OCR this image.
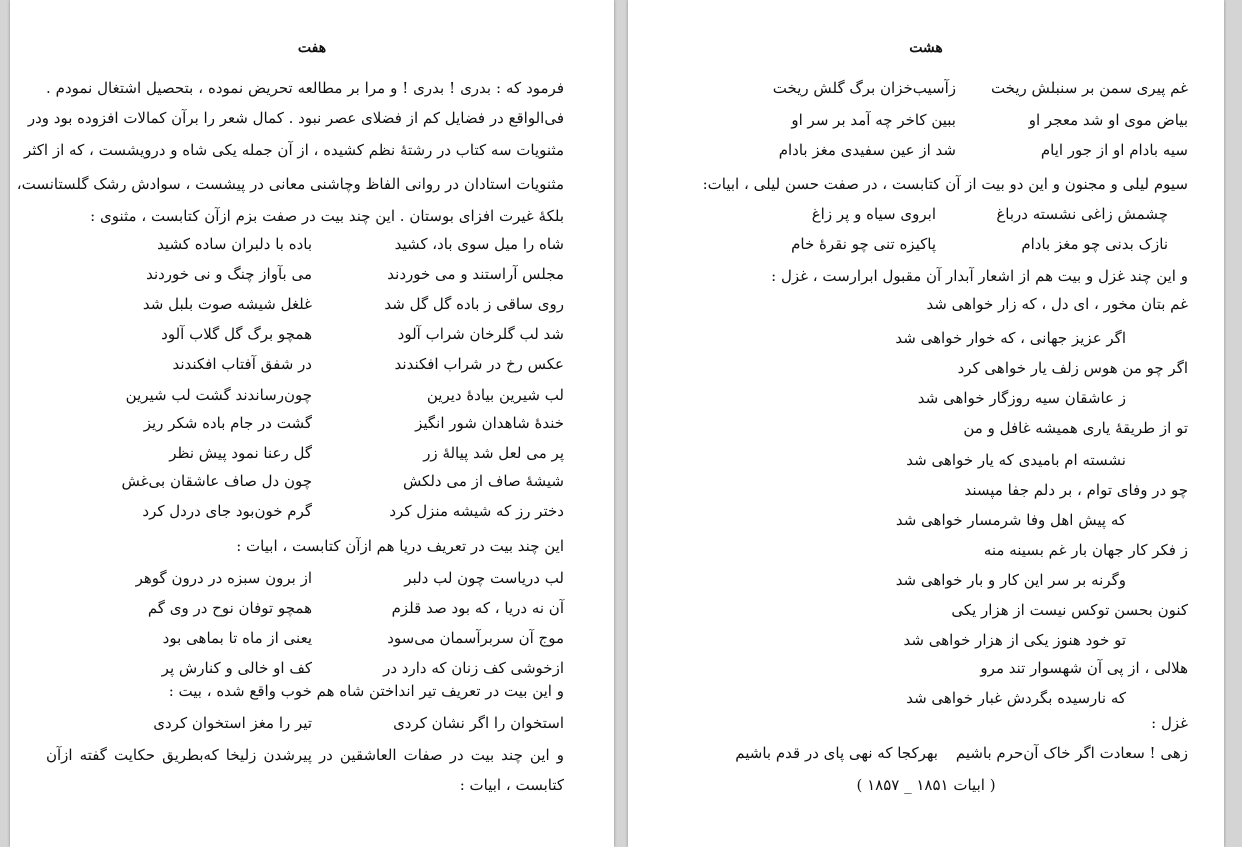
هفت
فرمود که : بدری ! بدری ! و مرا بر مطالعه تحریض نموده ، بتحصیل اشتغال نمودم .
فی‌الواقع در فضایل کم از فضلای عصر نبود . کمال شعر را برآن کمالات افزوده بود ودر
مثنویات سه کتاب در رشتهٔ نظم کشیده ، از آن جمله یکی شاه و درویشست ، که از اکثر
مثنویات استادان در روانی الفاظ وچاشنی معانی در پیشست ، سوادش رشک گلستانست،
بلکهٔ غیرت افزای بوستان . این چند بیت در صفت بزم ازآن کتابست ، مثنوی :
شاه را میل سوی باد، کشید
باده با دلبران ساده کشید
مجلس آراستند و می خوردند
می بآواز چنگ و نی خوردند
روی ساقی ز باده گل گل شد
غلغل شیشه صوت بلبل شد
شد لب گلرخان شراب آلود
همچو برگ گل گلاب آلود
عکس رخ در شراب افکندند
در شفق آفتاب افکندند
لب شیرین بیادهٔ دیرین
چون‌رساندند گشت لب شیرین
خندهٔ شاهدان شور انگیز
گشت در جام باده شکر ریز
پر می لعل شد پیالهٔ زر
گل رعنا نمود پیش نظر
شیشهٔ صاف از می دلکش
چون دل صاف عاشقان بی‌غش
دختر رز که شیشه منزل کرد
گرم خون‌بود جای دردل کرد
این چند بیت در تعریف دریا هم ازآن کتابست ، ابیات :
لب دریاست چون لب دلبر
از برون سبزه در درون گوهر
آن نه دریا ، که بود صد قلزم
همچو توفان نوح در وی گم
موج آن سربرآسمان می‌سود
یعنی از ماه تا بماهی بود
ازخوشی کف زنان که دارد در
کف او خالی و کنارش پر
و این بیت در تعریف تیر انداختن شاه هم خوب واقع شده ، بیت :
استخوان را اگر نشان کردی
تیر را مغز استخوان کردی
و این چند بیت در صفات العاشقین در پیرشدن زلیخا که‌بطریق حکایت گفته ازآن
کتابست ، ابیات :
هشت
غم پیری سمن بر سنبلش ریخت
زآسیب‌خزان برگ گلش ریخت
بیاض موی او شد معجر او
ببین کاخر چه آمد بر سر او
سیه بادام او از جور ایام
شد از عین سفیدی مغز بادام
سیوم لیلی و مجنون و این دو بیت از آن کتابست ، در صفت حسن لیلی ، ابیات:
چشمش زاغی نشسته درباغ
ابروی سیاه و پر زاغ
نازک بدنی چو مغز بادام
پاکیزه تنی چو نقرهٔ خام
و این چند غزل و بیت هم از اشعار آبدار آن مقبول ابرارست ، غزل :
غم بتان مخور ، ای دل ، که زار خواهی شد
اگر عزیز جهانی ، که خوار خواهی شد
اگر چو من هوس زلف یار خواهی کرد
ز عاشقان سیه روزگار خواهی شد
تو از طریقهٔ یاری همیشه غافل و من
نشسته ام بامیدی که یار خواهی شد
چو در وفای توام ، بر دلم جفا مپسند
که پیش اهل وفا شرمسار خواهی شد
ز فکر کار جهان بار غم بسینه منه
وگرنه بر سر این کار و بار خواهی شد
کنون بحسن توکس نیست از هزار یکی
تو خود هنوز یکی از هزار خواهی شد
هلالی ، از پی آن شهسوار تند مرو
که نارسیده بگردش غبار خواهی شد
غزل :
زهی ! سعادت اگر خاک آن‌حرم باشیم
بهرکجا که نهی پای در قدم باشیم
( ابیات ۱۸۵۱ _ ۱۸۵۷ )
